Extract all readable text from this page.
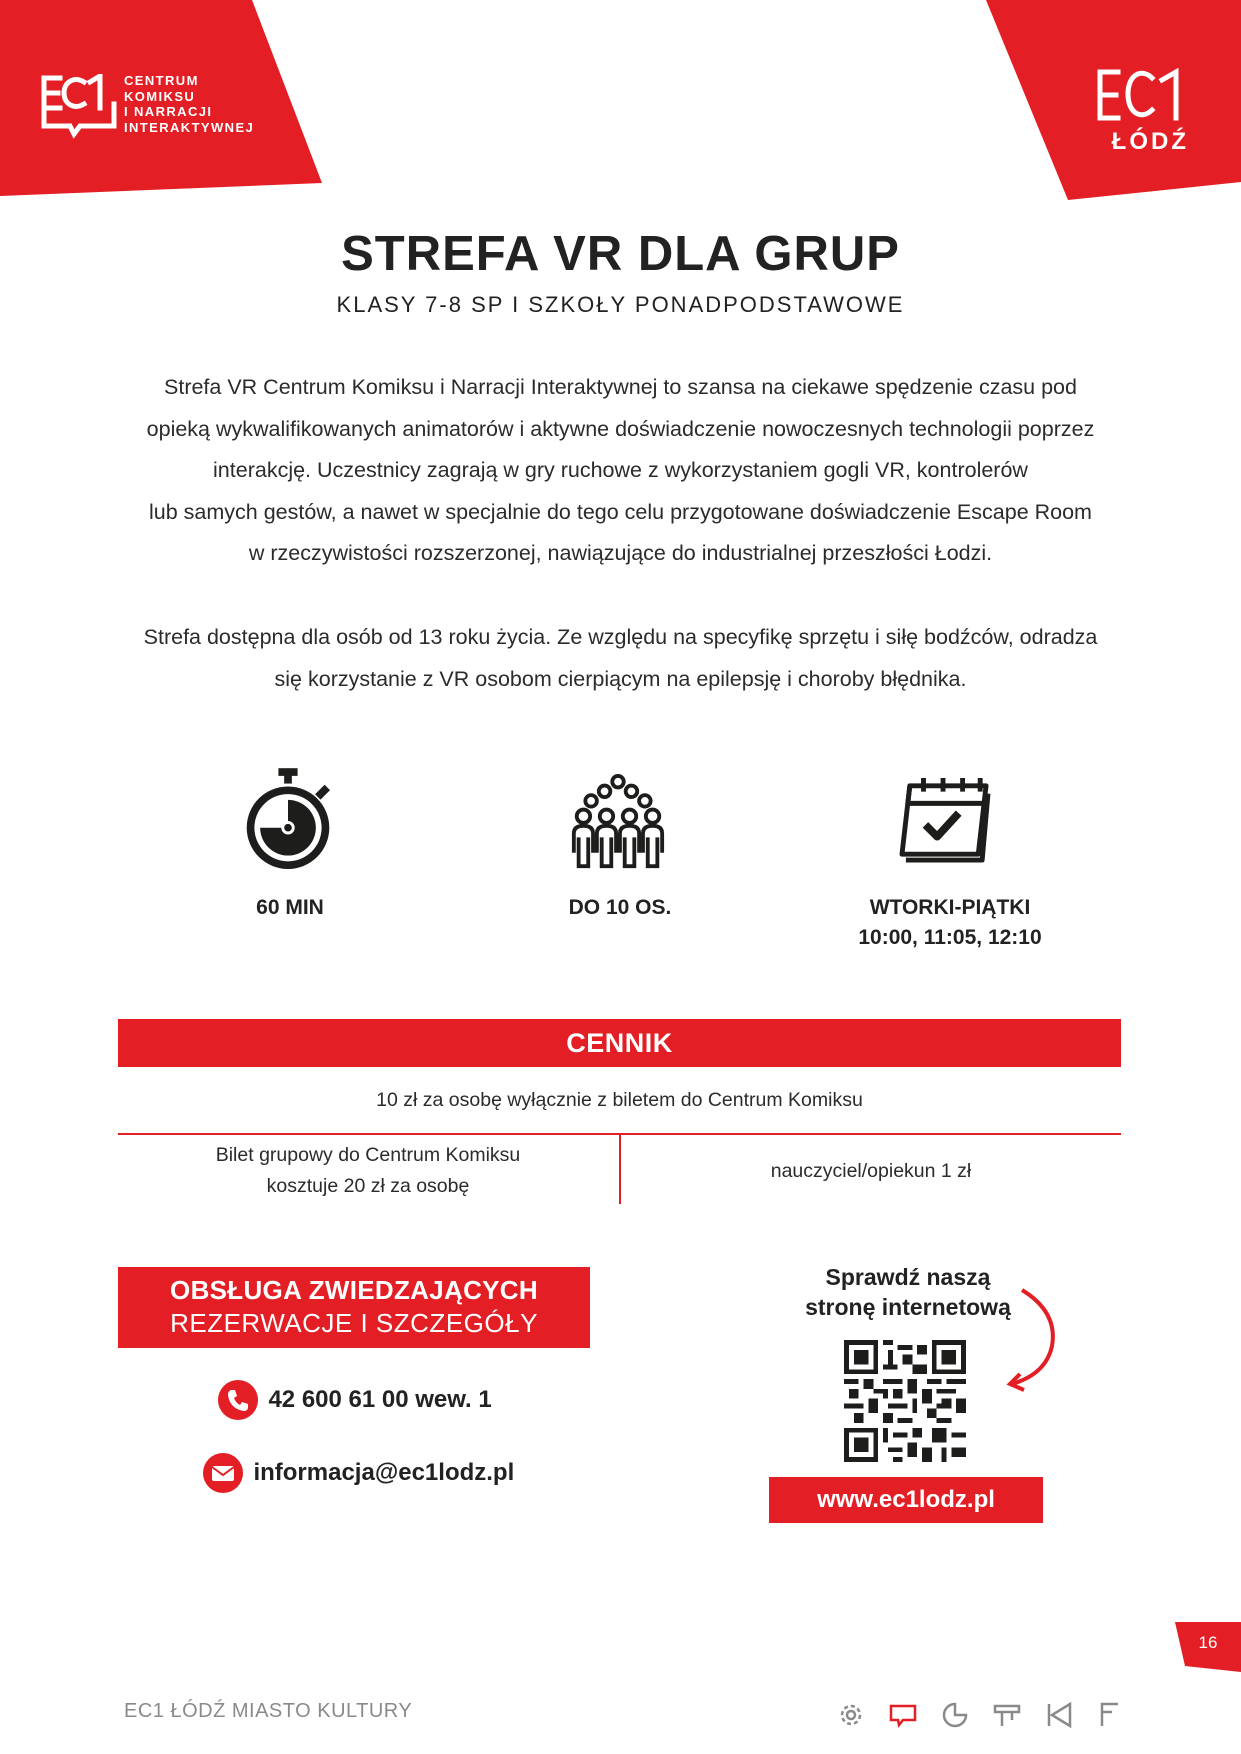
CENTRUM
KOMIKSU
I NARRACJI
INTERAKTYWNEJ
ŁÓDŹ
STREFA VR DLA GRUP
KLASY 7-8 SP I SZKOŁY PONADPODSTAWOWE
Strefa VR Centrum Komiksu i Narracji Interaktywnej to szansa na ciekawe spędzenie czasu pod
opieką wykwalifikowanych animatorów i aktywne doświadczenie nowoczesnych technologii poprzez
interakcję. Uczestnicy zagrają w gry ruchowe z wykorzystaniem gogli VR, kontrolerów
lub samych gestów, a nawet w specjalnie do tego celu przygotowane doświadczenie Escape Room
w rzeczywistości rozszerzonej, nawiązujące do industrialnej przeszłości Łodzi.
Strefa dostępna dla osób od 13 roku życia. Ze względu na specyfikę sprzętu i siłę bodźców, odradza
się korzystanie z VR osobom cierpiącym na epilepsję i choroby błędnika.
60 MIN	DO 10 OS.	WTORKI-PIĄTKI
10:00, 11:05, 12:10
CENNIK
10 zł za osobę wyłącznie z biletem do Centrum Komiksu
Bilet grupowy do Centrum Komiksu
kosztuje 20 zł za osobę
nauczyciel/opiekun 1 zł
OBSŁUGA ZWIEDZAJĄCYCH
REZERWACJE I SZCZEGÓŁY
42 600 61 00 wew. 1
informacja@ec1lodz.pl
Sprawdź naszą
stronę internetową
www.ec1lodz.pl
16
EC1 ŁÓDŹ MIASTO KULTURY
